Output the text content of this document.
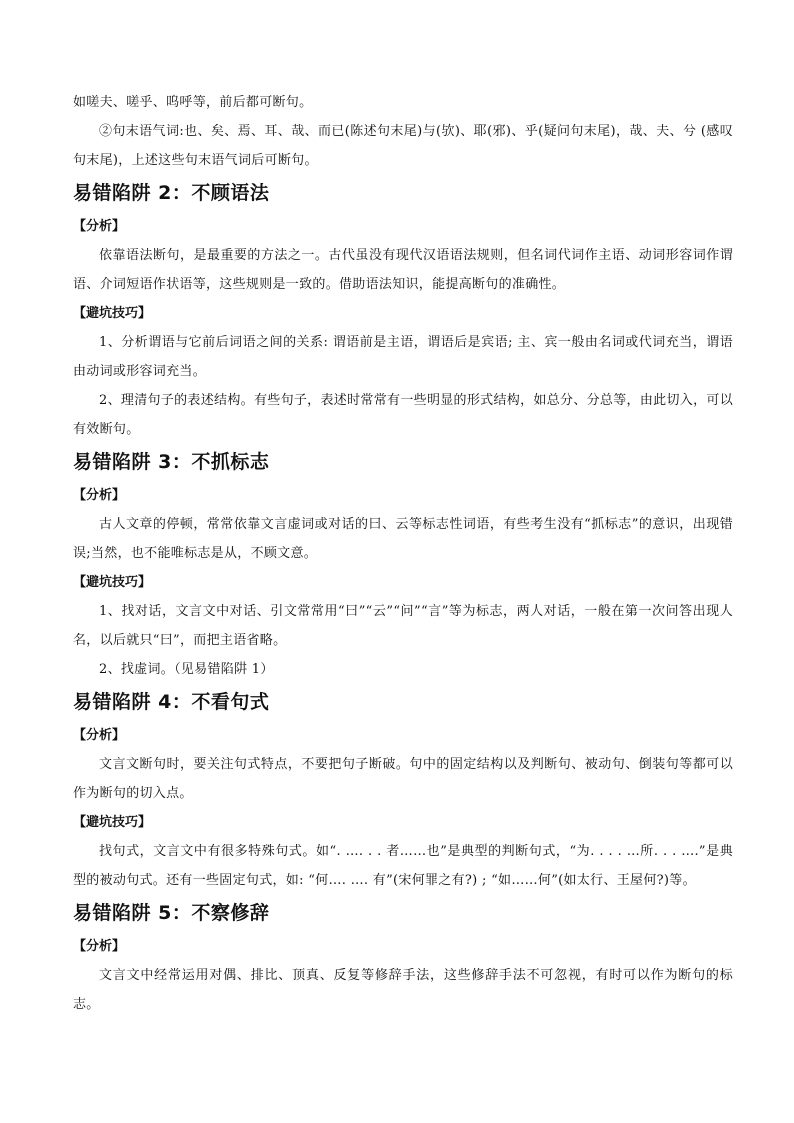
如嗟夫、嗟乎、呜呼等，前后都可断句。

②句末语气词:也、矣、焉、耳、哉、而已(陈述句末尾)与(欤)、耶(邪)、乎(疑问句末尾)，哉、夫、兮 (感叹句末尾)，上述这些句末语气词后可断句。

易错陷阱 2：不顾语法
【分析】

依靠语法断句，是最重要的方法之一。古代虽没有现代汉语语法规则，但名词代词作主语、动词形容词作谓语、介词短语作状语等，这些规则是一致的。借助语法知识，能提高断句的准确性。

【避坑技巧】

1、分析谓语与它前后词语之间的关系: 谓语前是主语，谓语后是宾语; 主、宾一般由名词或代词充当，谓语由动词或形容词充当。

2、理清句子的表述结构。有些句子，表述时常常有一些明显的形式结构，如总分、分总等，由此切入，可以有效断句。

易错陷阱 3：不抓标志
【分析】

古人文章的停顿，常常依靠文言虚词或对话的曰、云等标志性词语，有些考生没有“抓标志”的意识，出现错误;当然，也不能唯标志是从，不顾文意。

【避坑技巧】

1、找对话，文言文中对话、引文常常用“曰”“云”“问”“言”等为标志，两人对话，一般在第一次问答出现人名，以后就只“曰”，而把主语省略。

2、找虚词。（见易错陷阱 1）

易错陷阱 4：不看句式
【分析】

文言文断句时，要关注句式特点，不要把句子断破。句中的固定结构以及判断句、被动句、倒装句等都可以作为断句的切入点。

【避坑技巧】

找句式，文言文中有很多特殊句式。如“. …. . . 者……也”是典型的判断句式，“为. . . . …所. . . ….”是典型的被动句式。还有一些固定句式，如: “何…. …. 有”(宋何罪之有?) ; “如……何”(如太行、王屋何?)等。

易错陷阱 5：不察修辞
【分析】

文言文中经常运用对偶、排比、顶真、反复等修辞手法，这些修辞手法不可忽视，有时可以作为断句的标志。
